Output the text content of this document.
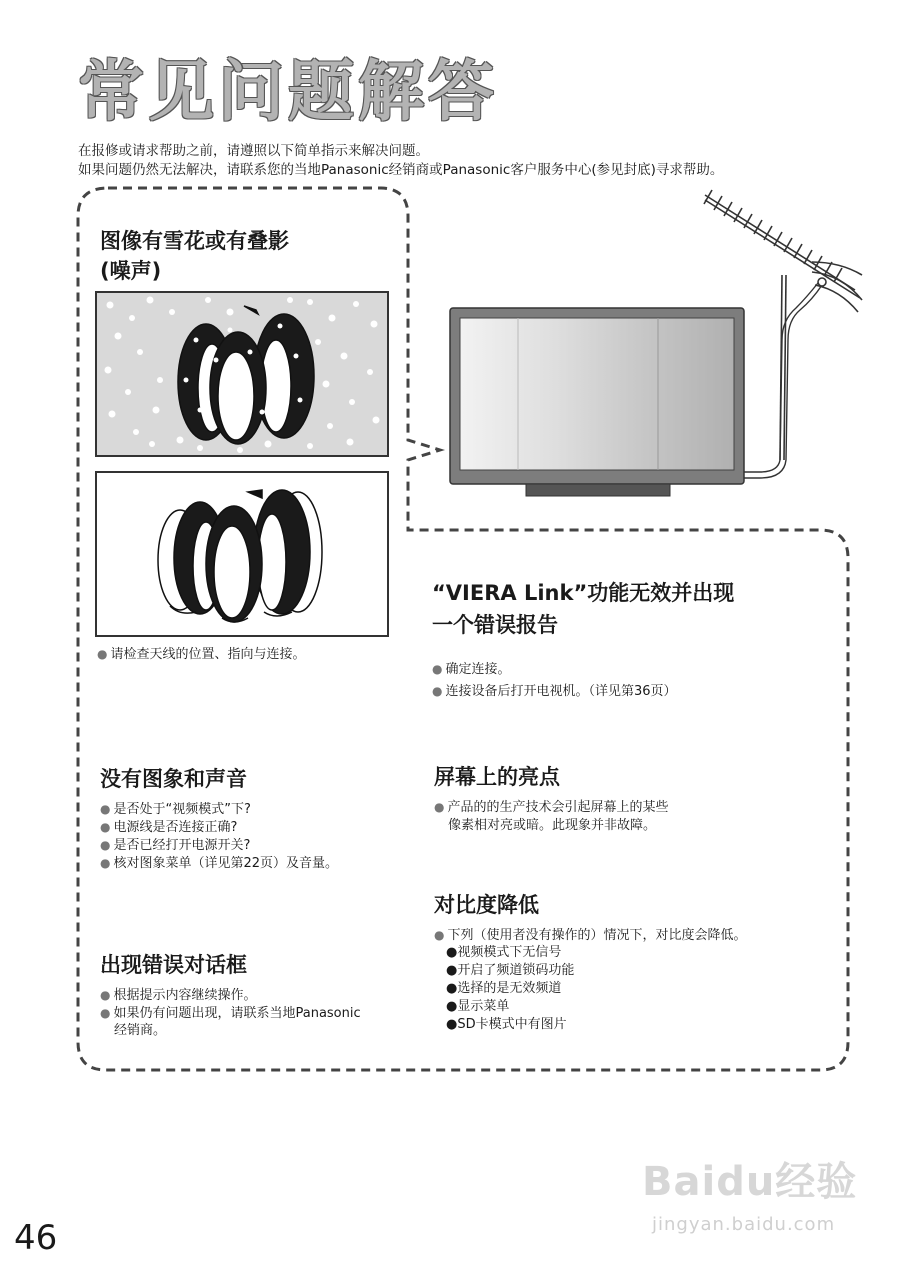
常见问题解答
在报修或请求帮助之前，请遵照以下简单指示来解决问题。
如果问题仍然无法解决，请联系您的当地Panasonic经销商或Panasonic客户服务中心(参见封底)寻求帮助。
图像有雪花或有叠影
(噪声)
● 请检查天线的位置、指向与连接。
“VIERA Link”功能无效并出现
一个错误报告
● 确定连接。
● 连接设备后打开电视机。（详见第36页）
没有图象和声音
● 是否处于“视频模式”下?
● 电源线是否连接正确?
● 是否已经打开电源开关?
● 核对图象菜单（详见第22页）及音量。
屏幕上的亮点
● 产品的的生产技术会引起屏幕上的某些
像素相对亮或暗。此现象并非故障。
对比度降低
● 下列（使用者没有操作的）情况下，对比度会降低。
●视频模式下无信号
●开启了频道锁码功能
●选择的是无效频道
●显示菜单
●SD卡模式中有图片
出现错误对话框
● 根据提示内容继续操作。
● 如果仍有问题出现，请联系当地Panasonic
经销商。
46
Baidu经验
jingyan.baidu.com
